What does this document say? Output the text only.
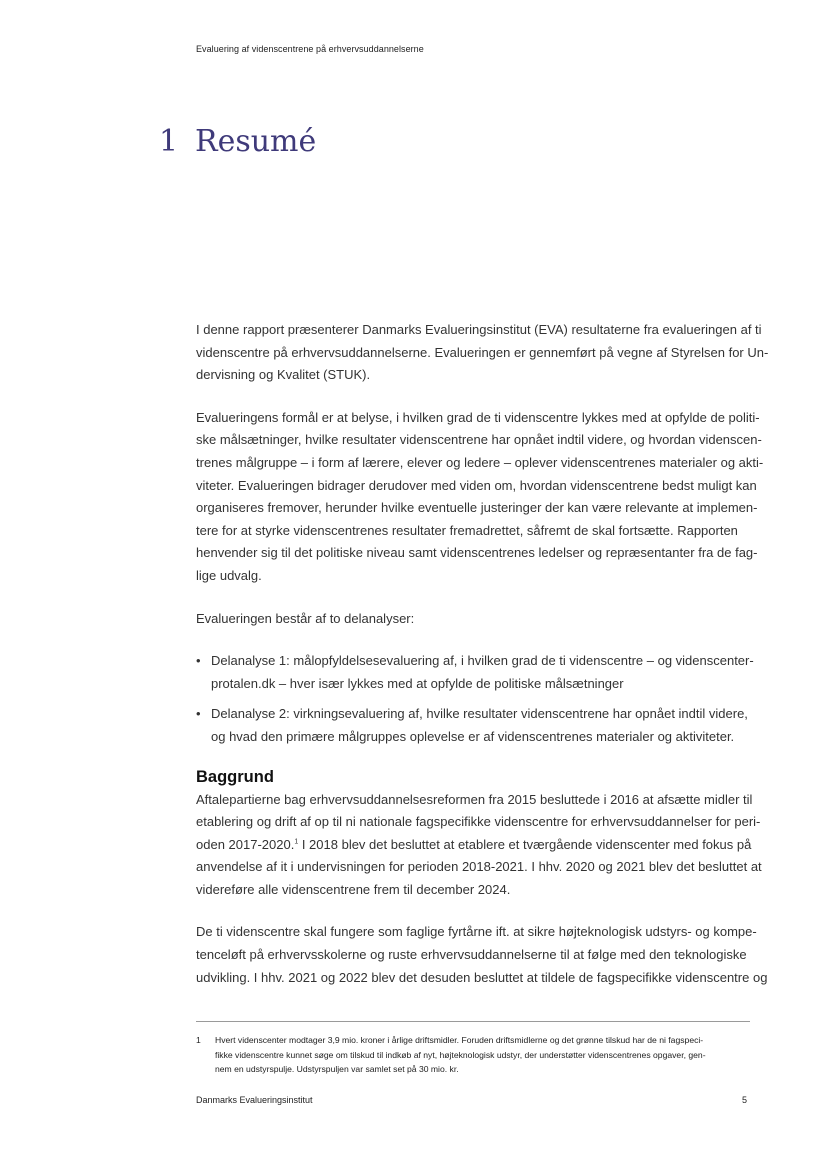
Evaluering af videnscentrene på erhvervsuddannelserne
1 Resumé

I denne rapport præsenterer Danmarks Evalueringsinstitut (EVA) resultaterne fra evalueringen af ti
videnscentre på erhvervsuddannelserne. Evalueringen er gennemført på vegne af Styrelsen for Un-
dervisning og Kvalitet (STUK).

Evalueringens formål er at belyse, i hvilken grad de ti videnscentre lykkes med at opfylde de politi-
ske målsætninger, hvilke resultater videnscentrene har opnået indtil videre, og hvordan videnscen-
trenes målgruppe – i form af lærere, elever og ledere – oplever videnscentrenes materialer og akti-
viteter. Evalueringen bidrager derudover med viden om, hvordan videnscentrene bedst muligt kan
organiseres fremover, herunder hvilke eventuelle justeringer der kan være relevante at implemen-
tere for at styrke videnscentrenes resultater fremadrettet, såfremt de skal fortsætte. Rapporten
henvender sig til det politiske niveau samt videnscentrenes ledelser og repræsentanter fra de fag-
lige udvalg.

Evalueringen består af to delanalyser:

• Delanalyse 1: målopfyldelsesevaluering af, i hvilken grad de ti videnscentre – og videnscenter-
protalen.dk – hver især lykkes med at opfylde de politiske målsætninger
• Delanalyse 2: virkningsevaluering af, hvilke resultater videnscentrene har opnået indtil videre,
og hvad den primære målgruppes oplevelse er af videnscentrenes materialer og aktiviteter.
Baggrund

Aftalepartierne bag erhvervsuddannelsesreformen fra 2015 besluttede i 2016 at afsætte midler til
etablering og drift af op til ni nationale fagspecifikke videnscentre for erhvervsuddannelser for peri-
oden 2017-2020.$^1$ I 2018 blev det besluttet at etablere et tværgående videnscenter med fokus på
anvendelse af it i undervisningen for perioden 2018-2021. I hhv. 2020 og 2021 blev det besluttet at
videreføre alle videnscentrene frem til december 2024.

De ti videnscentre skal fungere som faglige fyrtårne ift. at sikre højteknologisk udstyrs- og kompe-
tenceløft på erhvervsskolerne og ruste erhvervsuddannelserne til at følge med den teknologiske
udvikling. I hhv. 2021 og 2022 blev det desuden besluttet at tildele de fagspecifikke videnscentre og

1 Hvert videnscenter modtager 3,9 mio. kroner i årlige driftsmidler. Foruden driftsmidlerne og det grønne tilskud har de ni fagspeci-
fikke videnscentre kunnet søge om tilskud til indkøb af nyt, højteknologisk udstyr, der understøtter videnscentrenes opgaver, gen-
nem en udstyrspulje. Udstyrspuljen var samlet set på 30 mio. kr.
Danmarks Evalueringsinstitut	5
